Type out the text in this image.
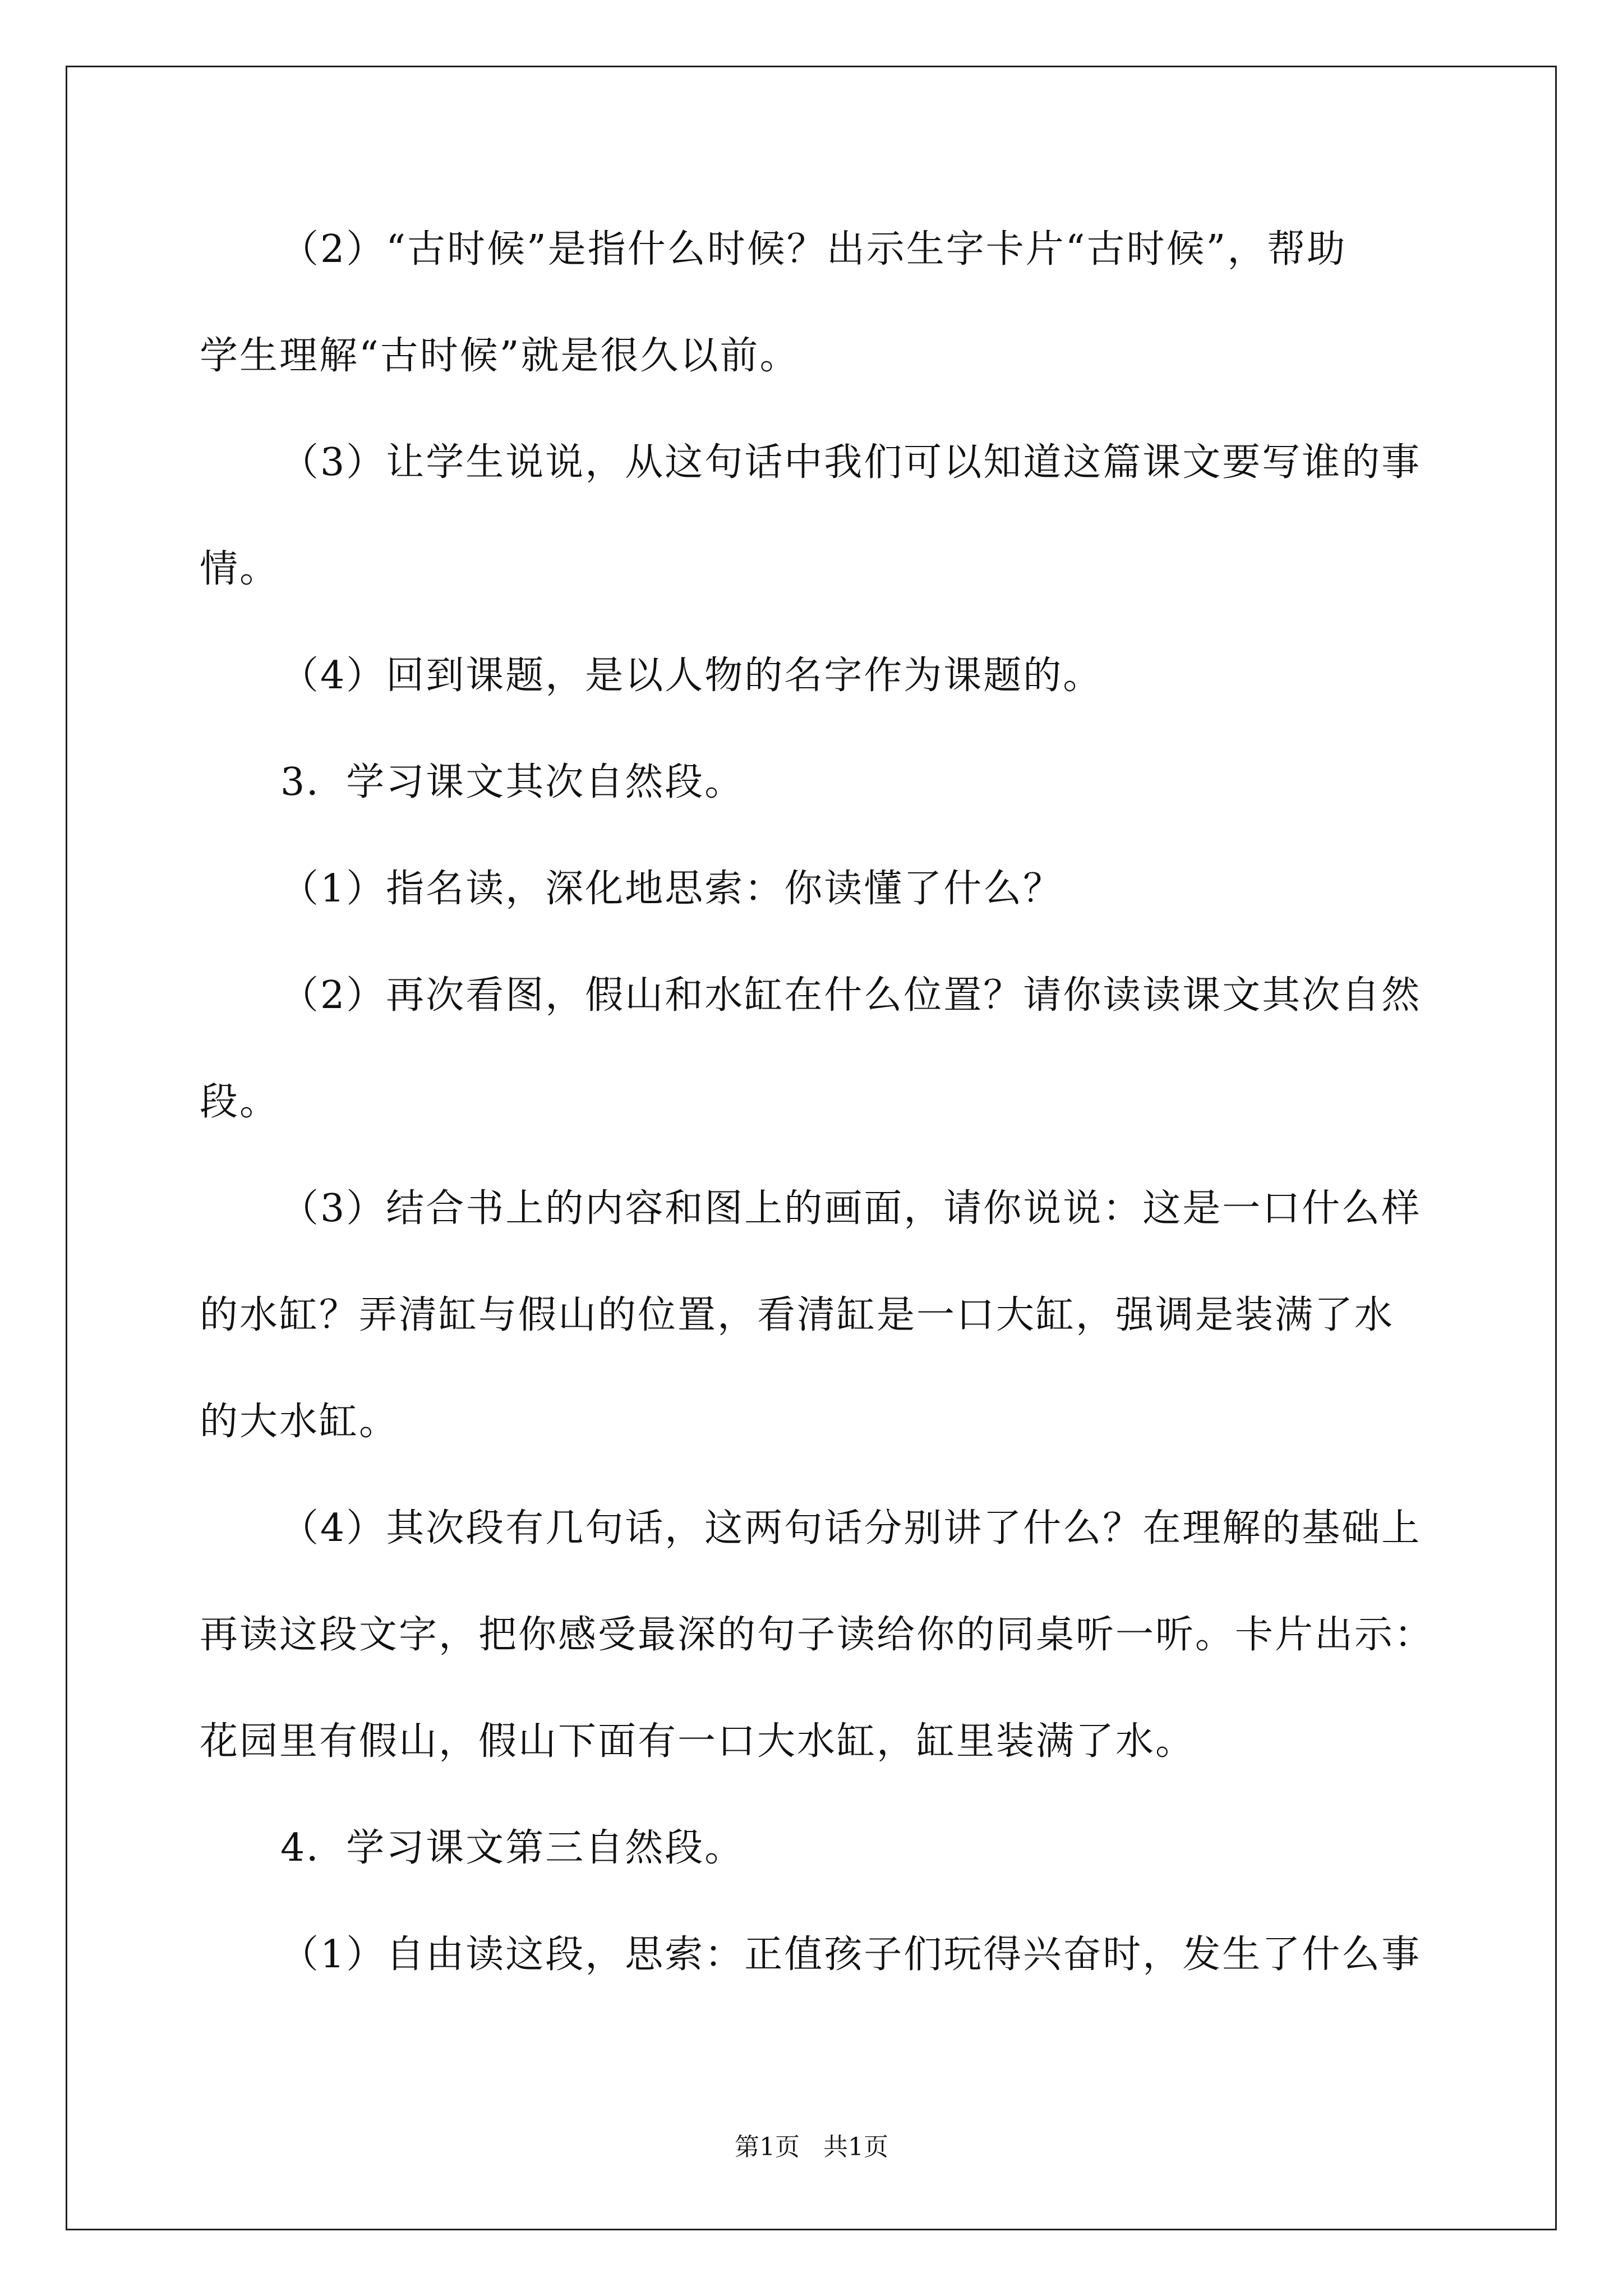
（2）“古时候”是指什么时候？出示生字卡片“古时候”，帮助
学生理解“古时候”就是很久以前。
（3）让学生说说，从这句话中我们可以知道这篇课文要写谁的事
情。
（4）回到课题，是以人物的名字作为课题的。
3．学习课文其次自然段。
（1）指名读，深化地思索：你读懂了什么？
（2）再次看图，假山和水缸在什么位置？请你读读课文其次自然
段。
（3）结合书上的内容和图上的画面，请你说说：这是一口什么样
的水缸？弄清缸与假山的位置，看清缸是一口大缸，强调是装满了水
的大水缸。
（4）其次段有几句话，这两句话分别讲了什么？在理解的基础上
再读这段文字，把你感受最深的句子读给你的同桌听一听。卡片出示：
花园里有假山，假山下面有一口大水缸，缸里装满了水。
4．学习课文第三自然段。
（1）自由读这段，思索：正值孩子们玩得兴奋时，发生了什么事
第1页   共1页
